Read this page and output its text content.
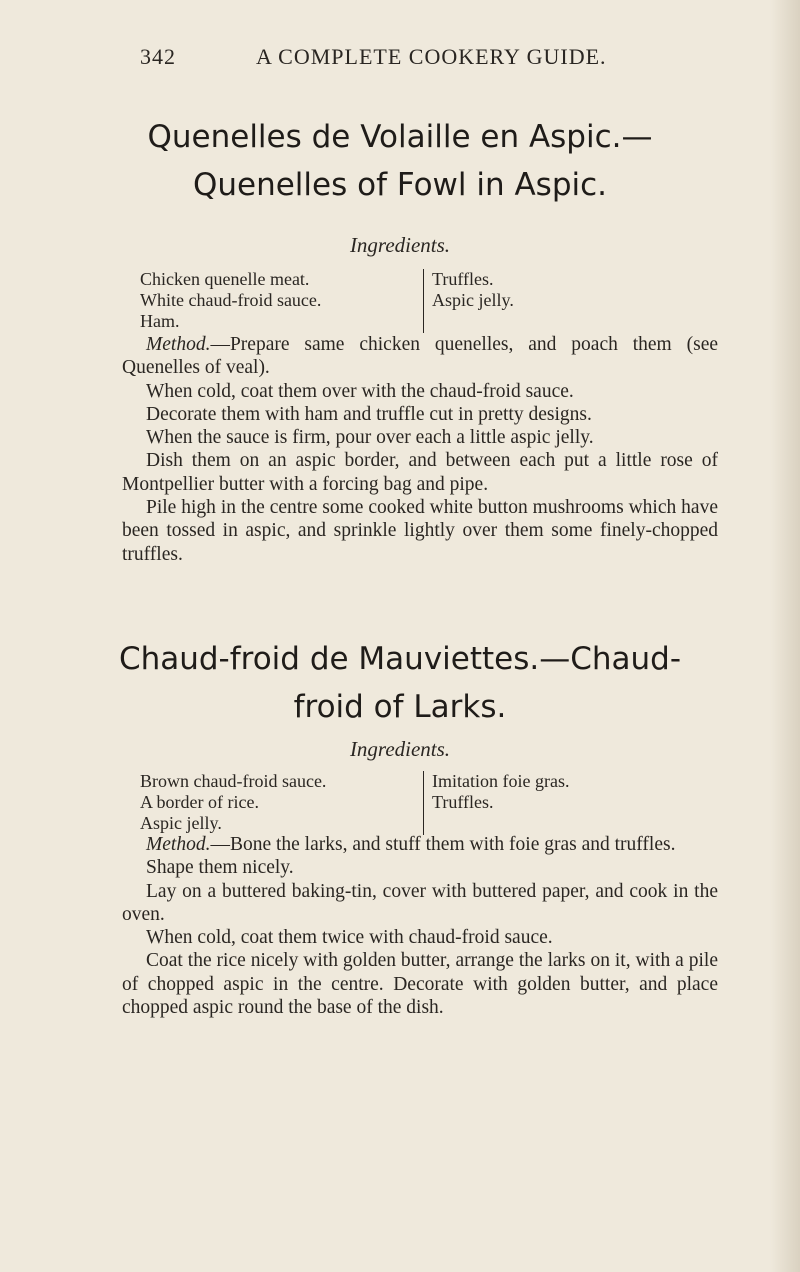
342	A COMPLETE COOKERY GUIDE.
Quenelles de Volaille en Aspic.—
Quenelles of Fowl in Aspic.
Ingredients.
Chicken quenelle meat.
White chaud-froid sauce.
Ham.
Truffles.
Aspic jelly.

Method.—Prepare same chicken quenelles, and poach them (see Quenelles of veal).

When cold, coat them over with the chaud-froid sauce.

Decorate them with ham and truffle cut in pretty designs.

When the sauce is firm, pour over each a little aspic jelly.

Dish them on an aspic border, and between each put a little rose of Montpellier butter with a forcing bag and pipe.

Pile high in the centre some cooked white button mushrooms which have been tossed in aspic, and sprinkle lightly over them some finely-chopped truffles.

Chaud-froid de Mauviettes.—Chaud-
froid of Larks.
Ingredients.
Brown chaud-froid sauce.
A border of rice.
Aspic jelly.
Imitation foie gras.
Truffles.

Method.—Bone the larks, and stuff them with foie gras and truffles.

Shape them nicely.

Lay on a buttered baking-tin, cover with buttered paper, and cook in the oven.

When cold, coat them twice with chaud-froid sauce.

Coat the rice nicely with golden butter, arrange the larks on it, with a pile of chopped aspic in the centre. Decorate with golden butter, and place chopped aspic round the base of the dish.
